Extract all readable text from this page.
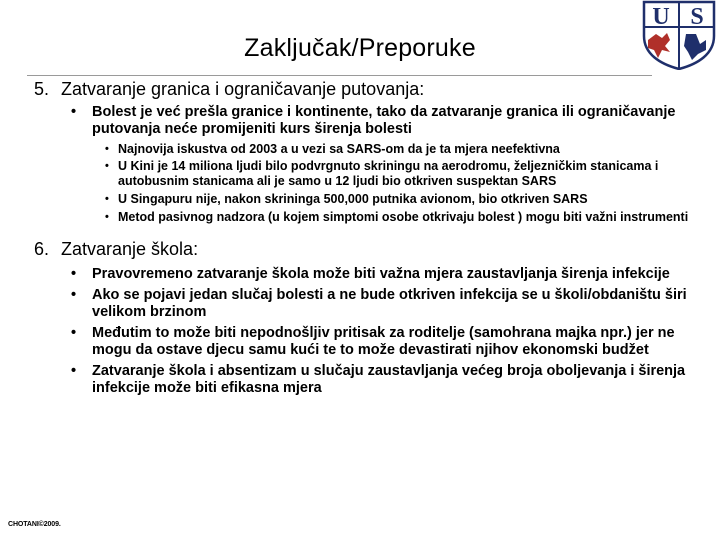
Zaključak/Preporuke
U S

5. Zatvaranje granica i ograničavanje putovanja:

• Bolest je već prešla granice i kontinente, tako da zatvaranje granica ili ograničavanje putovanja neće promijeniti kurs širenja bolesti
• Najnovija iskustva od 2003 a u vezi sa SARS-om da je ta mjera neefektivna
• U Kini je 14 miliona ljudi bilo podvrgnuto skriningu na aerodromu, željezničkim stanicama i autobusnim stanicama ali je samo u 12 ljudi bio otkriven suspektan SARS
• U Singapuru nije, nakon skrininga 500,000 putnika avionom, bio otkriven SARS
• Metod pasivnog nadzora (u kojem simptomi osobe otkrivaju bolest ) mogu biti važni instrumenti

6. Zatvaranje škola:

• Pravovremeno zatvaranje škola može biti važna mjera zaustavljanja širenja infekcije
• Ako se pojavi jedan slučaj bolesti a ne bude otkriven infekcija se u školi/obdaništu širi velikom brzinom
• Međutim to može biti nepodnošljiv pritisak za roditelje (samohrana majka npr.) jer ne mogu da ostave djecu samu kući te to može devastirati njihov ekonomski budžet
• Zatvaranje škola i absentizam u slučaju zaustavljanja većeg broja oboljevanja i širenja infekcije može biti efikasna mjera
CHOTANI©2009.
